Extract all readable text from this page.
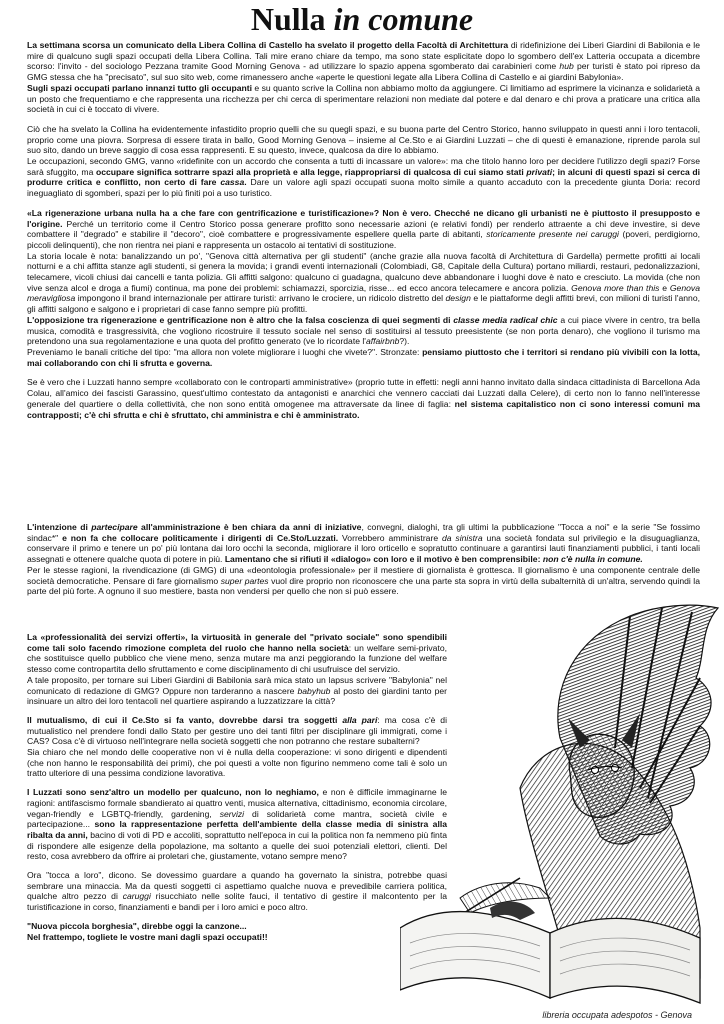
Nulla in comune

La settimana scorsa un comunicato della Libera Collina di Castello ha svelato il progetto della Facoltà di Architettura di ridefinizione dei Liberi Giardini di Babilonia e le mire di qualcuno sugli spazi occupati della Libera Collina. Tali mire erano chiare da tempo, ma sono state esplicitate dopo lo sgombero dell'ex Latteria occupata a dicembre scorso: l'invito - del sociologo Pezzana tramite Good Morning Genova - ad utilizzare lo spazio appena sgomberato dai carabinieri come hub per turisti è stato poi ripreso da GMG stessa che ha "precisato", sul suo sito web, come rimanessero anche «aperte le questioni legate alla Libera Collina di Castello e ai giardini Babylonia».

Sugli spazi occupati parlano innanzi tutto gli occupanti e su quanto scrive la Collina non abbiamo molto da aggiungere. Ci limitiamo ad esprimere la vicinanza e solidarietà a un posto che frequentiamo e che rappresenta una ricchezza per chi cerca di sperimentare relazioni non mediate dal potere e dal denaro e chi prova a praticare una critica alla società in cui ci è toccato di vivere.

Ciò che ha svelato la Collina ha evidentemente infastidito proprio quelli che su quegli spazi, e su buona parte del Centro Storico, hanno sviluppato in questi anni i loro tentacoli, proprio come una piovra. Sorpresa di essere tirata in ballo, Good Morning Genova – insieme al Ce.Sto e ai Giardini Luzzati – che di questi è emanazione, riprende parola sul suo sito, dando un breve saggio di cosa essa rappresenti. E su questo, invece, qualcosa da dire lo abbiamo.

Le occupazioni, secondo GMG, vanno «ridefinite con un accordo che consenta a tutti di incassare un valore»: ma che titolo hanno loro per decidere l'utilizzo degli spazi? Forse sarà sfuggito, ma occupare significa sottrarre spazi alla proprietà e alla legge, riappropriarsi di qualcosa di cui siamo stati privati; in alcuni di questi spazi si cerca di produrre critica e conflitto, non certo di fare cassa. Dare un valore agli spazi occupati suona molto simile a quanto accaduto con la precedente giunta Doria: record ineguagliato di sgomberi, spazi per lo più finiti poi a uso turistico.

«La rigenerazione urbana nulla ha a che fare con gentrificazione e turistificazione»? Non è vero. Checché ne dicano gli urbanisti ne è piuttosto il presupposto e l'origine. Perché un territorio come il Centro Storico possa generare profitto sono necessarie azioni (e relativi fondi) per renderlo attraente a chi deve investire, si deve combattere il "degrado" e stabilire il "decoro", cioè combattere e progressivamente espellere quella parte di abitanti, storicamente presente nei caruggi (poveri, perdigiorno, piccoli delinquenti), che non rientra nei piani e rappresenta un ostacolo ai tentativi di sostituzione.

La storia locale è nota: banalizzando un po', "Genova città alternativa per gli studenti" (anche grazie alla nuova facoltà di Architettura di Gardella) permette profitti ai locali notturni e a chi affitta stanze agli studenti, si genera la movida; i grandi eventi internazionali (Colombiadi, G8, Capitale della Cultura) portano miliardi, restauri, pedonalizzazioni, telecamere, vicoli chiusi dai cancelli e tanta polizia. Gli affitti salgono: qualcuno ci guadagna, qualcuno deve abbandonare i luoghi dove è nato e cresciuto. La movida (che non vive senza alcol e droga a fiumi) continua, ma pone dei problemi: schiamazzi, sporcizia, risse... ed ecco ancora telecamere e ancora polizia. Genova more than this e Genova meravigliosa impongono il brand internazionale per attirare turisti: arrivano le crociere, un ridicolo distretto del design e le piattaforme degli affitti brevi, con milioni di turisti l'anno, gli affitti salgono e salgono e i proprietari di case fanno sempre più profitti.

L'opposizione tra rigenerazione e gentrificazione non è altro che la falsa coscienza di quei segmenti di classe media radical chic a cui piace vivere in centro, tra bella musica, comodità e trasgressività, che vogliono ricostruire il tessuto sociale nel senso di sostituirsi al tessuto preesistente (se non porta denaro), che vogliono il turismo ma pretendono una sua regolamentazione e una quota del profitto generato (ve lo ricordate l'affairbnb?).

Preveniamo le banali critiche del tipo: "ma allora non volete migliorare i luoghi che vivete?". Stronzate: pensiamo piuttosto che i territori si rendano più vivibili con la lotta, mai collaborando con chi li sfrutta e governa.

Se è vero che i Luzzati hanno sempre «collaborato con le controparti amministrative» (proprio tutte in effetti: negli anni hanno invitato dalla sindaca cittadinista di Barcellona Ada Colau, all'amico dei fascisti Garassino, quest'ultimo contestato da antagonisti e anarchici che vennero cacciati dai Luzzati dalla Celere), di certo non lo fanno nell'interesse generale del quartiere o della collettività, che non sono entità omogenee ma attraversate da linee di faglia: nel sistema capitalistico non ci sono interessi comuni ma contrapposti; c'è chi sfrutta e chi è sfruttato, chi amministra e chi è amministrato.

L'intenzione di partecipare all'amministrazione è ben chiara da anni di iniziative, convegni, dialoghi, tra gli ultimi la pubblicazione "Tocca a noi" e la serie "Se fossimo sindac*" e non fa che collocare politicamente i dirigenti di Ce.Sto/Luzzati. Vorrebbero amministrare da sinistra una società fondata sul privilegio e la disuguaglianza, conservare il primo e tenere un po' più lontana dai loro occhi la seconda, migliorare il loro orticello e sopratutto continuare a garantirsi lauti finanziamenti pubblici, i tanti locali assegnati e ottenere qualche quota di potere in più. Lamentano che si rifiuti il «dialogo» con loro e il motivo è ben comprensibile: non c'è nulla in comune.

Per le stesse ragioni, la rivendicazione (di GMG) di una «deontologia professionale» per il mestiere di giornalista è grottesca. Il giornalismo è una componente centrale delle società democratiche. Pensare di fare giornalismo super partes vuol dire proprio non riconoscere che una parte sta sopra in virtù della subalternità di un'altra, servendo quindi la parte del più forte. A ognuno il suo mestiere, basta non vendersi per quello che non si può essere.

La «professionalità dei servizi offerti», la virtuosità in generale del "privato sociale" sono spendibili come tali solo facendo rimozione completa del ruolo che hanno nella società: un welfare semi-privato, che sostituisce quello pubblico che viene meno, senza mutare ma anzi peggiorando la funzione del welfare stesso come contropartita dello sfruttamento e come disciplinamento di chi usufruisce del servizio.

A tale proposito, per tornare sui Liberi Giardini di Babilonia sarà mica stato un lapsus scrivere "Babylonia" nel comunicato di redazione di GMG? Oppure non tarderanno a nascere babyhub al posto dei giardini tanto per insinuare un altro dei loro tentacoli nel quartiere aspirando a luzzatizzare la città?

Il mutualismo, di cui il Ce.Sto si fa vanto, dovrebbe darsi tra soggetti alla pari: ma cosa c'è di mutualistico nel prendere fondi dallo Stato per gestire uno dei tanti filtri per disciplinare gli immigrati, come i CAS? Cosa c'è di virtuoso nell'integrare nella società soggetti che non potranno che restare subalterni?

Sia chiaro che nel mondo delle cooperative non vi è nulla della cooperazione: vi sono dirigenti e dipendenti (che non hanno le responsabilità dei primi), che poi questi a volte non figurino nemmeno come tali è solo un tratto ulteriore di una pessima condizione lavorativa.

I Luzzati sono senz'altro un modello per qualcuno, non lo neghiamo, e non è difficile immaginarne le ragioni: antifascismo formale sbandierato ai quattro venti, musica alternativa, cittadinismo, economia circolare, vegan-friendly e LGBTQ-friendly, gardening, servizi di solidarietà come mantra, società civile e partecipazione... sono la rappresentazione perfetta dell'ambiente della classe media di sinistra alla ribalta da anni, bacino di voti di PD e accoliti, soprattutto nell'epoca in cui la politica non fa nemmeno più finta di rispondere alle esigenze della popolazione, ma soltanto a quelle dei suoi potenziali elettori, clienti. Del resto, cosa avrebbero da offrire ai proletari che, giustamente, votano sempre meno?

Ora "tocca a loro", dicono. Se dovessimo guardare a quando ha governato la sinistra, potrebbe quasi sembrare una minaccia. Ma da questi soggetti ci aspettiamo qualche nuova e prevedibile carriera politica, qualche altro pezzo di caruggi risucchiato nelle solite fauci, il tentativo di gestire il malcontento per la turistificazione in corso, finanziamenti e bandi per i loro amici e poco altro.

"Nuova piccola borghesia", direbbe oggi la canzone...

Nel frattempo, togliete le vostre mani dagli spazi occupati!!

libreria occupata adespotos - Genova
